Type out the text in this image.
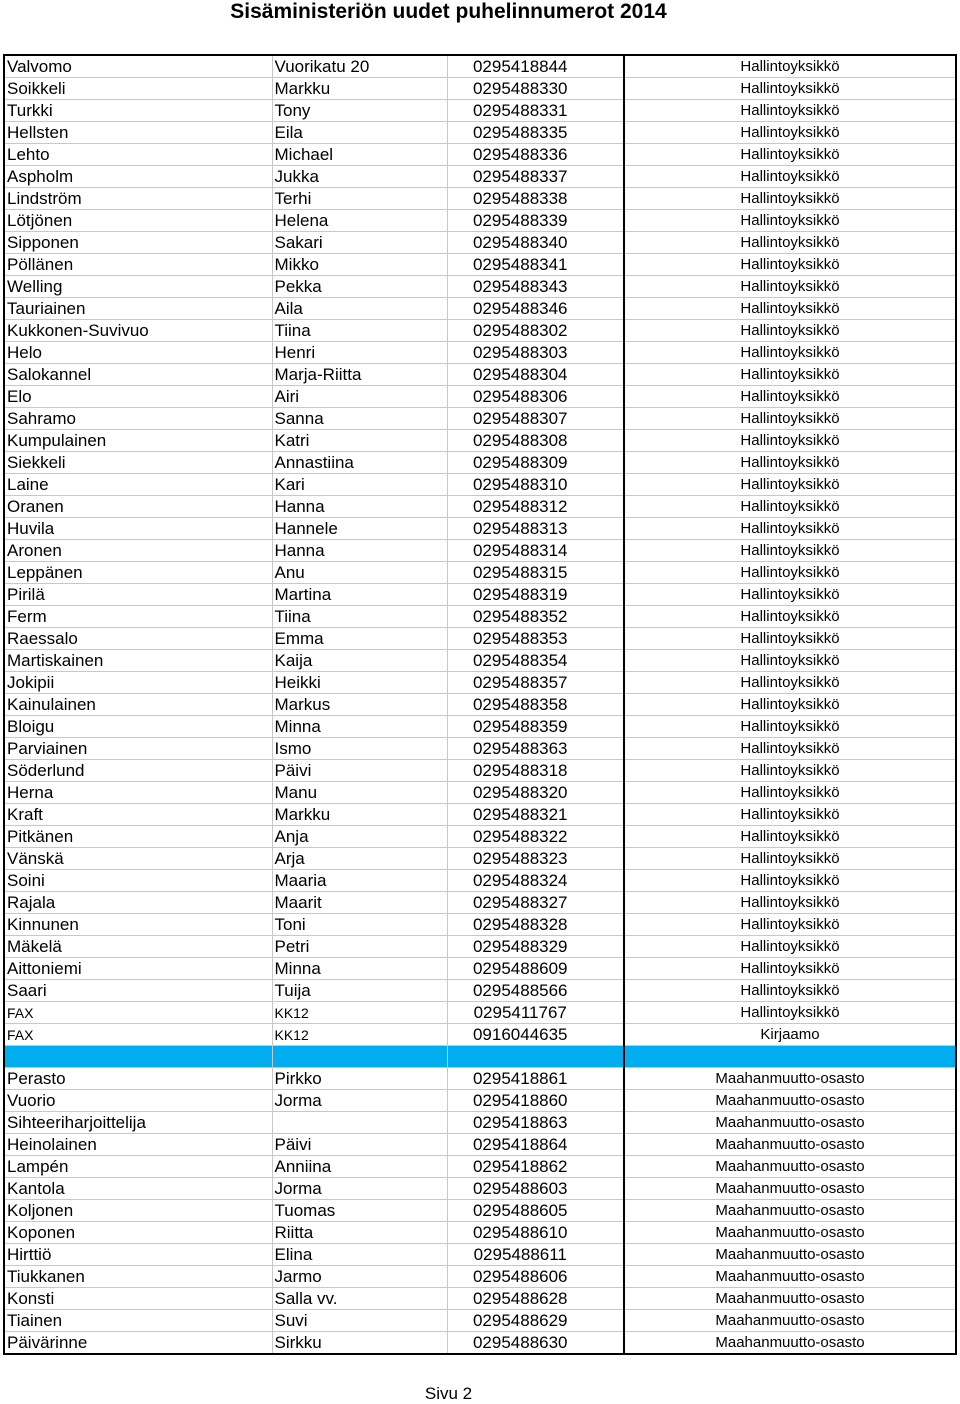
Sisäministeriön uudet puhelinnumerot 2014
Valvomo	Vuorikatu 20	0295418844	Hallintoyksikkö
Soikkeli	Markku	0295488330	Hallintoyksikkö
Turkki	Tony	0295488331	Hallintoyksikkö
Hellsten	Eila	0295488335	Hallintoyksikkö
Lehto	Michael	0295488336	Hallintoyksikkö
Aspholm	Jukka	0295488337	Hallintoyksikkö
Lindström	Terhi	0295488338	Hallintoyksikkö
Lötjönen	Helena	0295488339	Hallintoyksikkö
Sipponen	Sakari	0295488340	Hallintoyksikkö
Pöllänen	Mikko	0295488341	Hallintoyksikkö
Welling	Pekka	0295488343	Hallintoyksikkö
Tauriainen	Aila	0295488346	Hallintoyksikkö
Kukkonen-Suvivuo	Tiina	0295488302	Hallintoyksikkö
Helo	Henri	0295488303	Hallintoyksikkö
Salokannel	Marja-Riitta	0295488304	Hallintoyksikkö
Elo	Airi	0295488306	Hallintoyksikkö
Sahramo	Sanna	0295488307	Hallintoyksikkö
Kumpulainen	Katri	0295488308	Hallintoyksikkö
Siekkeli	Annastiina	0295488309	Hallintoyksikkö
Laine	Kari	0295488310	Hallintoyksikkö
Oranen	Hanna	0295488312	Hallintoyksikkö
Huvila	Hannele	0295488313	Hallintoyksikkö
Aronen	Hanna	0295488314	Hallintoyksikkö
Leppänen	Anu	0295488315	Hallintoyksikkö
Pirilä	Martina	0295488319	Hallintoyksikkö
Ferm	Tiina	0295488352	Hallintoyksikkö
Raessalo	Emma	0295488353	Hallintoyksikkö
Martiskainen	Kaija	0295488354	Hallintoyksikkö
Jokipii	Heikki	0295488357	Hallintoyksikkö
Kainulainen	Markus	0295488358	Hallintoyksikkö
Bloigu	Minna	0295488359	Hallintoyksikkö
Parviainen	Ismo	0295488363	Hallintoyksikkö
Söderlund	Päivi	0295488318	Hallintoyksikkö
Herna	Manu	0295488320	Hallintoyksikkö
Kraft	Markku	0295488321	Hallintoyksikkö
Pitkänen	Anja	0295488322	Hallintoyksikkö
Vänskä	Arja	0295488323	Hallintoyksikkö
Soini	Maaria	0295488324	Hallintoyksikkö
Rajala	Maarit	0295488327	Hallintoyksikkö
Kinnunen	Toni	0295488328	Hallintoyksikkö
Mäkelä	Petri	0295488329	Hallintoyksikkö
Aittoniemi	Minna	0295488609	Hallintoyksikkö
Saari	Tuija	0295488566	Hallintoyksikkö
FAX	KK12	0295411767	Hallintoyksikkö
FAX	KK12	0916044635	Kirjaamo

Perasto	Pirkko	0295418861	Maahanmuutto-osasto
Vuorio	Jorma	0295418860	Maahanmuutto-osasto
Sihteeriharjoittelija		0295418863	Maahanmuutto-osasto
Heinolainen	Päivi	0295418864	Maahanmuutto-osasto
Lampén	Anniina	0295418862	Maahanmuutto-osasto
Kantola	Jorma	0295488603	Maahanmuutto-osasto
Koljonen	Tuomas	0295488605	Maahanmuutto-osasto
Koponen	Riitta	0295488610	Maahanmuutto-osasto
Hirttiö	Elina	0295488611	Maahanmuutto-osasto
Tiukkanen	Jarmo	0295488606	Maahanmuutto-osasto
Konsti	Salla vv.	0295488628	Maahanmuutto-osasto
Tiainen	Suvi	0295488629	Maahanmuutto-osasto
Päivärinne	Sirkku	0295488630	Maahanmuutto-osasto
Sivu 2
